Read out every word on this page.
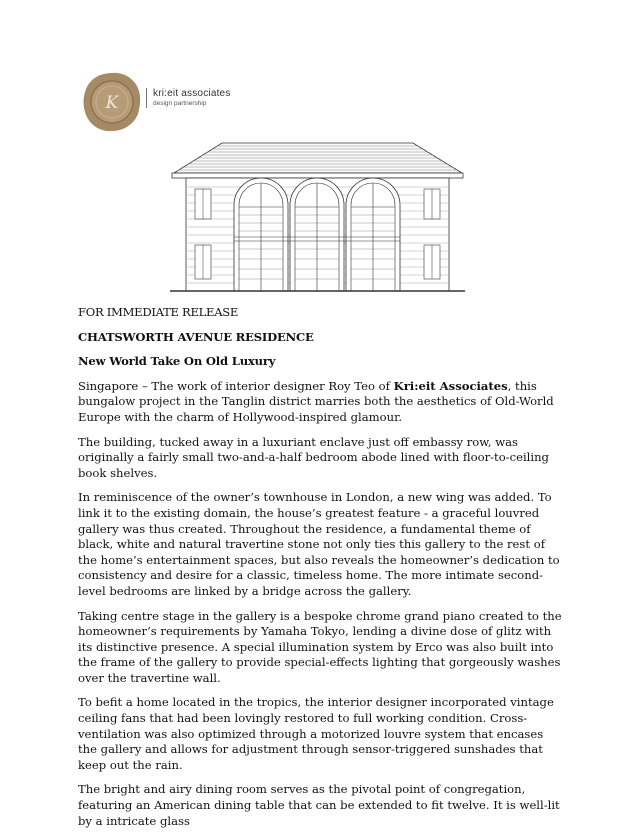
K	kri:eit associates
design partnership

FOR IMMEDIATE RELEASE

CHATSWORTH AVENUE RESIDENCE

New World Take On Old Luxury

Singapore – The work of interior designer Roy Teo of Kri:eit Associates, this bungalow project in the Tanglin district marries both the aesthetics of Old-World Europe with the charm of Hollywood-inspired glamour.

The building, tucked away in a luxuriant enclave just off embassy row, was originally a fairly small two-and-a-half bedroom abode lined with floor-to-ceiling book shelves.

In reminiscence of the owner’s townhouse in London, a new wing was added. To link it to the existing domain, the house’s greatest feature - a graceful louvred gallery was thus created. Throughout the residence, a fundamental theme of black, white and natural travertine stone not only ties this gallery to the rest of the home’s entertainment spaces, but also reveals the homeowner’s dedication to consistency and desire for a classic, timeless home. The more intimate second-level bedrooms are linked by a bridge across the gallery.

Taking centre stage in the gallery is a bespoke chrome grand piano created to the homeowner’s requirements by Yamaha Tokyo, lending a divine dose of glitz with its distinctive presence. A special illumination system by Erco was also built into the frame of the gallery to provide special-effects lighting that gorgeously washes over the travertine wall.

To befit a home located in the tropics, the interior designer incorporated vintage ceiling fans that had been lovingly restored to full working condition. Cross-ventilation was also optimized through a motorized louvre system that encases the gallery and allows for adjustment through sensor-triggered sunshades that keep out the rain.

The bright and airy dining room serves as the pivotal point of congregation, featuring an American dining table that can be extended to fit twelve. It is well-lit by a intricate glass
